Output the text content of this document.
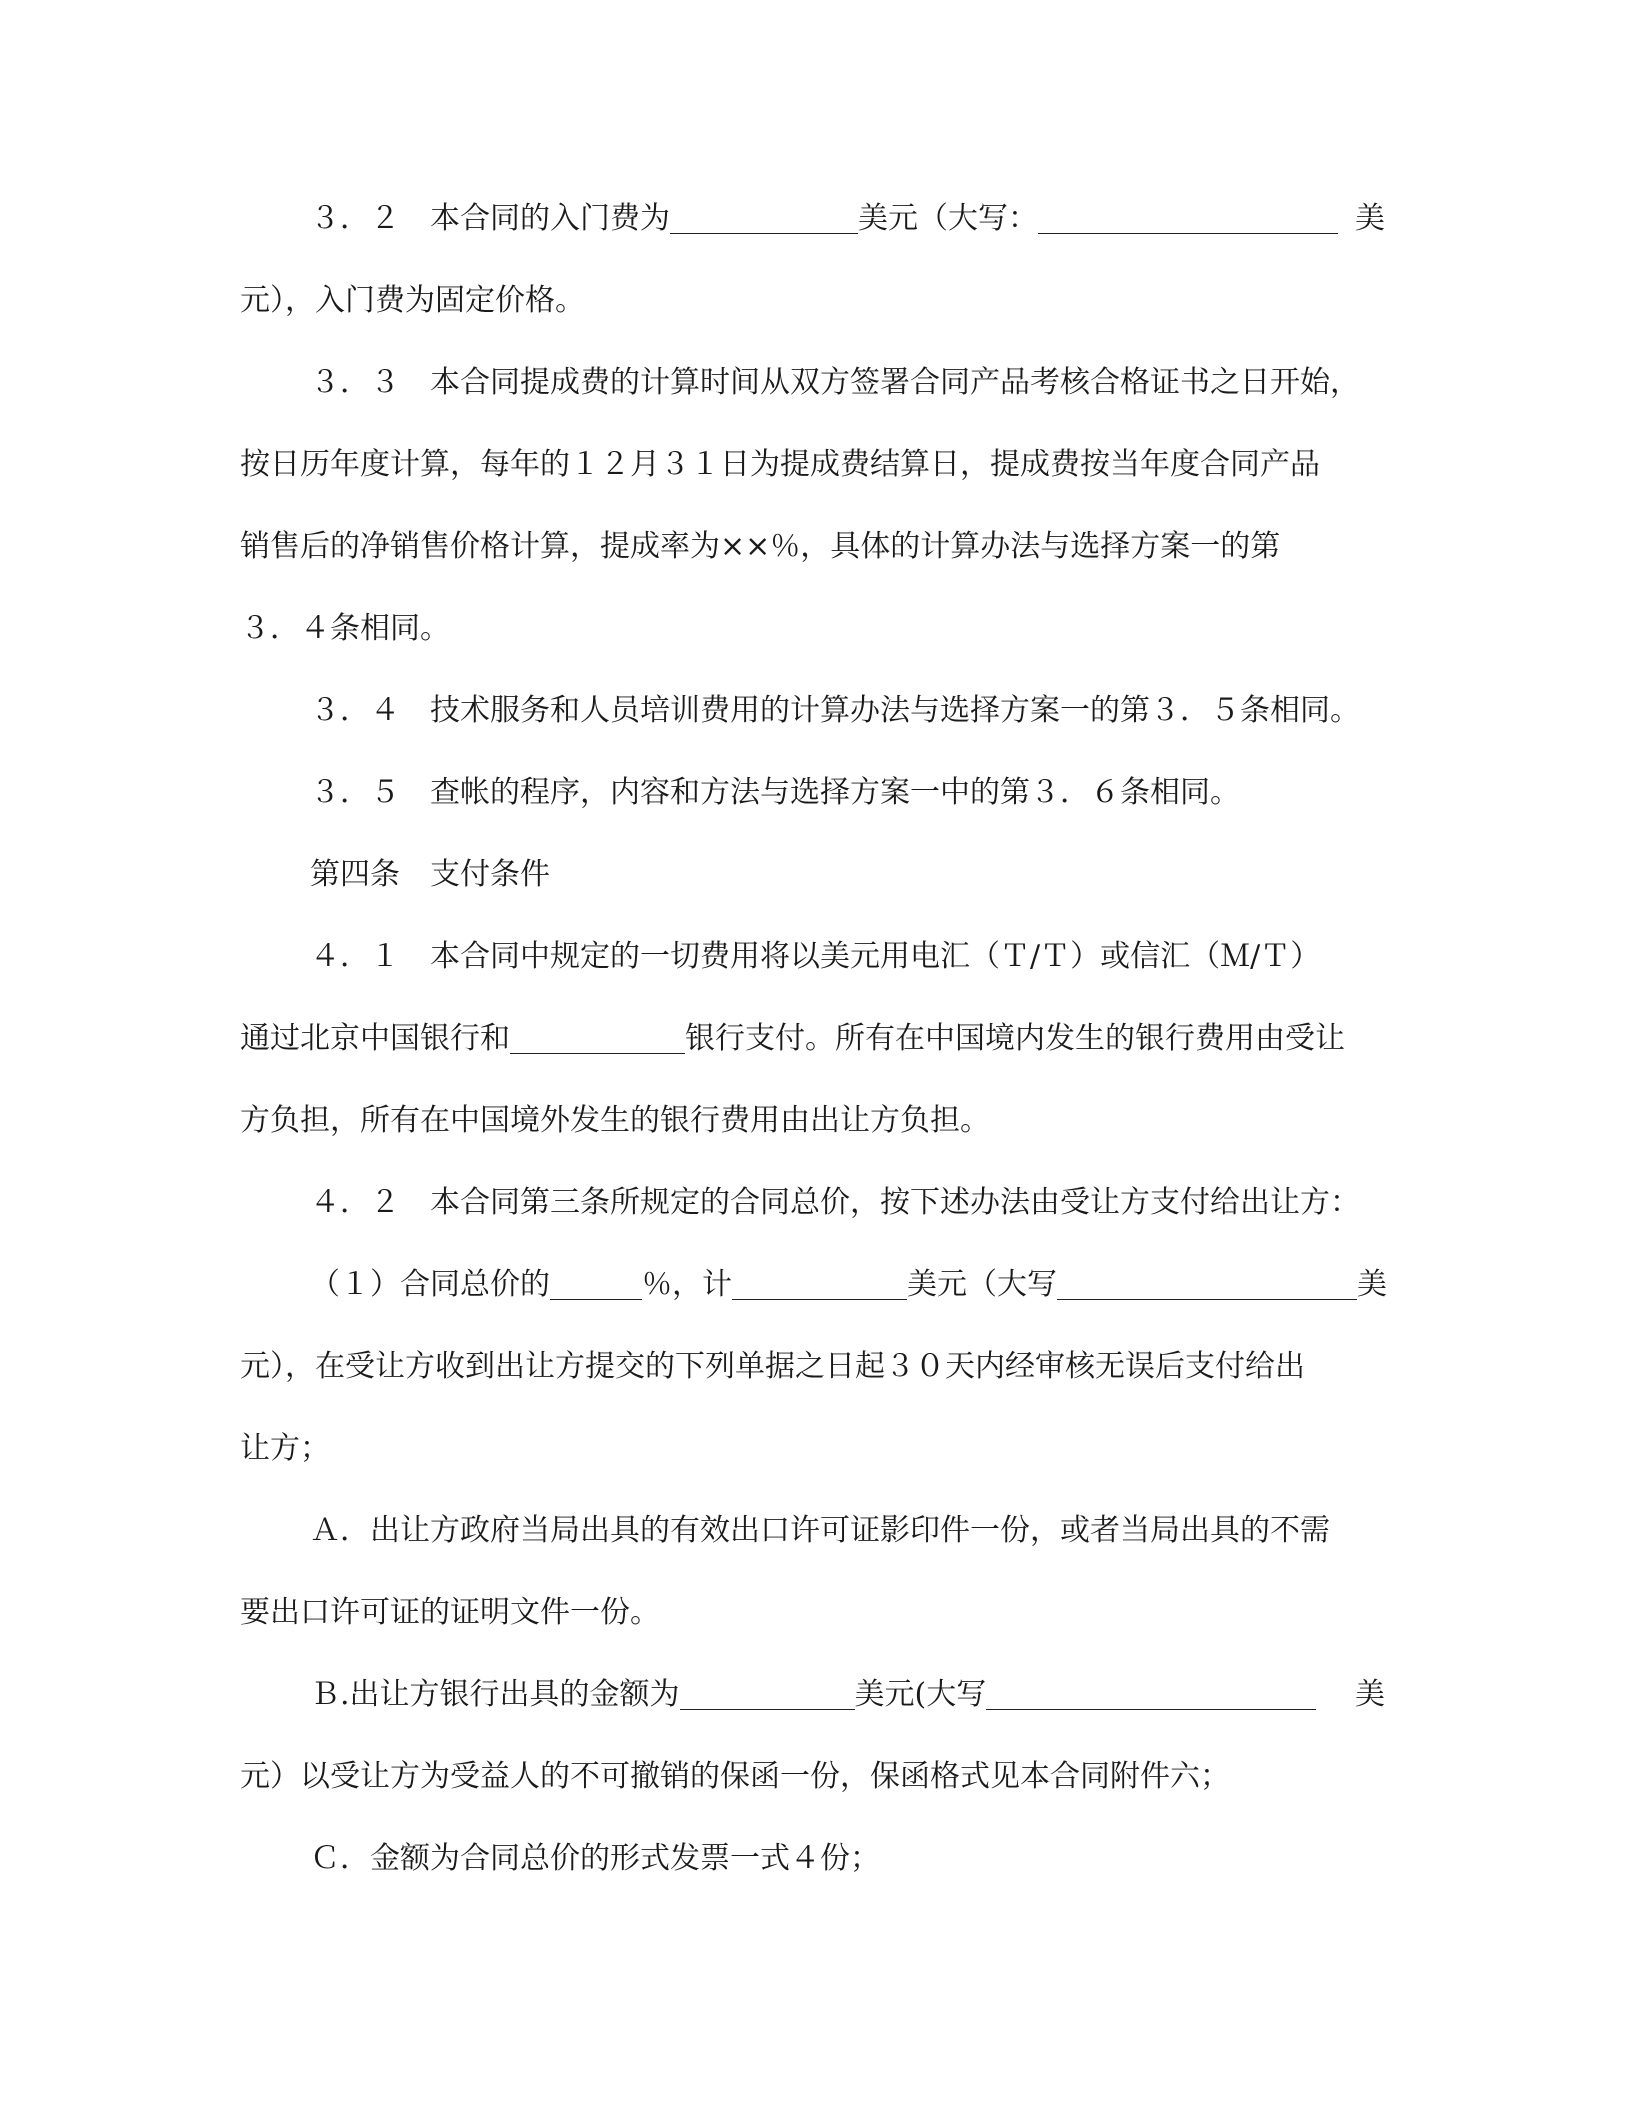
３．２ 本合同的入门费为	美元（大写：	美
元），入门费为固定价格。
３．３ 本合同提成费的计算时间从双方签署合同产品考核合格证书之日开始，
按日历年度计算，每年的１２月３１日为提成费结算日，提成费按当年度合同产品
销售后的净销售价格计算，提成率为××％，具体的计算办法与选择方案一的第
３．４条相同。
３．４ 技术服务和人员培训费用的计算办法与选择方案一的第３．５条相同。
３．５ 查帐的程序，内容和方法与选择方案一中的第３．６条相同。
第四条 支付条件
４．１ 本合同中规定的一切费用将以美元用电汇（Ｔ/Ｔ）或信汇（Ｍ/Ｔ）
通过北京中国银行和	银行支付。所有在中国境内发生的银行费用由受让
方负担，所有在中国境外发生的银行费用由出让方负担。
４．２ 本合同第三条所规定的合同总价，按下述办法由受让方支付给出让方：
（１）合同总价的	％，计	美元（大写	美
元），在受让方收到出让方提交的下列单据之日起３０天内经审核无误后支付给出
让方；
Ａ．出让方政府当局出具的有效出口许可证影印件一份，或者当局出具的不需
要出口许可证的证明文件一份。
Ｂ.出让方银行出具的金额为	美元(大写	美
元）以受让方为受益人的不可撤销的保函一份，保函格式见本合同附件六；
Ｃ．金额为合同总价的形式发票一式４份；
